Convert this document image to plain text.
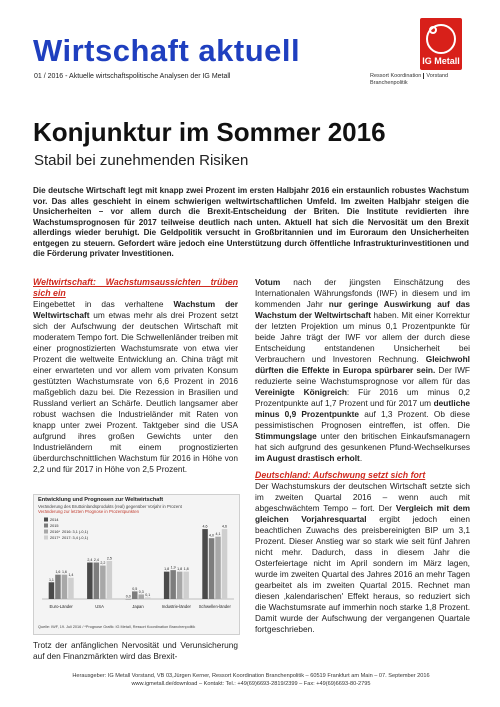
Wirtschaft aktuell
01 / 2016 - Aktuelle wirtschaftspolitische Analysen der IG Metall
IG Metall
Ressort Koordination Vorstand
Branchenpolitik
Konjunktur im Sommer 2016
Stabil bei zunehmenden Risiken
Die deutsche Wirtschaft legt mit knapp zwei Prozent im ersten Halbjahr 2016 ein erstaunlich robustes Wachstum vor. Das alles geschieht in einem schwierigen weltwirtschaftlichen Umfeld. Im zweiten Halbjahr steigen die Unsicherheiten – vor allem durch die Brexit-Entscheidung der Briten. Die Institute revidierten ihre Wachstumsprognosen für 2017 teilweise deutlich nach unten. Aktuell hat sich die Nervosität um den Brexit allerdings wieder beruhigt. Die Geldpolitik versucht in Großbritannien und im Euroraum den Unsicherheiten entgegen zu steuern. Gefordert wäre jedoch eine Unterstützung durch öffentliche Infrastrukturinvestitionen und die Förderung privater Investitionen.
Weltwirtschaft: Wachstumsaussichten trüben sich ein

Eingebettet in das verhaltene Wachstum der Weltwirtschaft um etwas mehr als drei Prozent setzt sich der Aufschwung der deutschen Wirtschaft mit moderatem Tempo fort. Die Schwellenländer treiben mit einer prognostizierten Wachstumsrate von etwa vier Prozent die weltweite Entwicklung an. China trägt mit einer erwarteten und vor allem vom privaten Konsum gestützten Wachstumsrate von 6,6 Prozent in 2016 maßgeblich dazu bei. Die Rezession in Brasilien und Russland verliert an Schärfe. Deutlich langsamer aber robust wachsen die Industrieländer mit Raten von knapp unter zwei Prozent. Taktgeber sind die USA aufgrund ihres großen Gewichts unter den Industrieländern mit einem prognostizierten überdurchschnittlichen Wachstum für 2016 in Höhe von 2,2 und für 2017 in Höhe von 2,5 Prozent.

Entwicklung und Prognosen zur Weltwirtschaft
Veränderung des Bruttoinlandsprodukts (real) gegenüber Vorjahr in Prozent
Veränderung zur letzten Prognose in Prozentpunkten
1,1
1,6 1,6
1,4
Euro-Länder
2,4 2,4
2,2
2,5
USA
0,0
0,5
0,3
0,1
Japan
1,8 1,9 1,8 1,8
Industrie-länder
4,6
4,0 4,1
4,6
Schwellen-länder
2014
2015
2016* 2016: 3,1 (-0,1)
2017* 2017: 3,4 (-0,1)
Quelle: IWF, 19. Juli 2016 / *Prognose Grafik: IG Metall, Ressort Koordination Branchenpolitik
Trotz der anfänglichen Nervosität und Verunsicherung auf den Finanzmärkten wird das Brexit-

Votum nach der jüngsten Einschätzung des Internationalen Währungsfonds (IWF) in diesem und im kommenden Jahr nur geringe Auswirkung auf das Wachstum der Weltwirtschaft haben. Mit einer Korrektur der letzten Projektion um minus 0,1 Prozentpunkte für beide Jahre trägt der IWF vor allem der durch diese Entscheidung entstandenen Unsicherheit bei Verbrauchern und Investoren Rechnung. Gleichwohl dürften die Effekte in Europa spürbarer sein. Der IWF reduzierte seine Wachstumsprognose vor allem für das Vereinigte Königreich: Für 2016 um minus 0,2 Prozentpunkte auf 1,7 Prozent und für 2017 um deutliche minus 0,9 Prozentpunkte auf 1,3 Prozent. Ob diese pessimistischen Prognosen eintreffen, ist offen. Die Stimmungslage unter den britischen Einkaufsmanagern hat sich aufgrund des gesunkenen Pfund-Wechselkurses im August drastisch erholt.

Deutschland: Aufschwung setzt sich fort

Der Wachstumskurs der deutschen Wirtschaft setzte sich im zweiten Quartal 2016 – wenn auch mit abgeschwächtem Tempo – fort. Der Vergleich mit dem gleichen Vorjahresquartal ergibt jedoch einen beachtlichen Zuwachs des preisbereinigten BIP um 3,1 Prozent. Dieser Anstieg war so stark wie seit fünf Jahren nicht mehr. Dadurch, dass in diesem Jahr die Osterfeiertage nicht im April sondern im März lagen, wurde im zweiten Quartal des Jahres 2016 an mehr Tagen gearbeitet als im zweiten Quartal 2015. Rechnet man diesen ‚kalendarischen' Effekt heraus, so reduziert sich die Wachstumsrate auf immerhin noch starke 1,8 Prozent. Damit wurde der Aufschwung der vergangenen Quartale fortgeschrieben.

Herausgeber: IG Metall Vorstand, VB 03,Jürgen Kerner, Ressort Koordination Branchenpolitik – 60519 Frankfurt am Main – 07. September 2016
www.igmetall.de/download – Kontakt: Tel.: +49(69)6693-2819/2399 – Fax: +49(69)6693-80-2795
